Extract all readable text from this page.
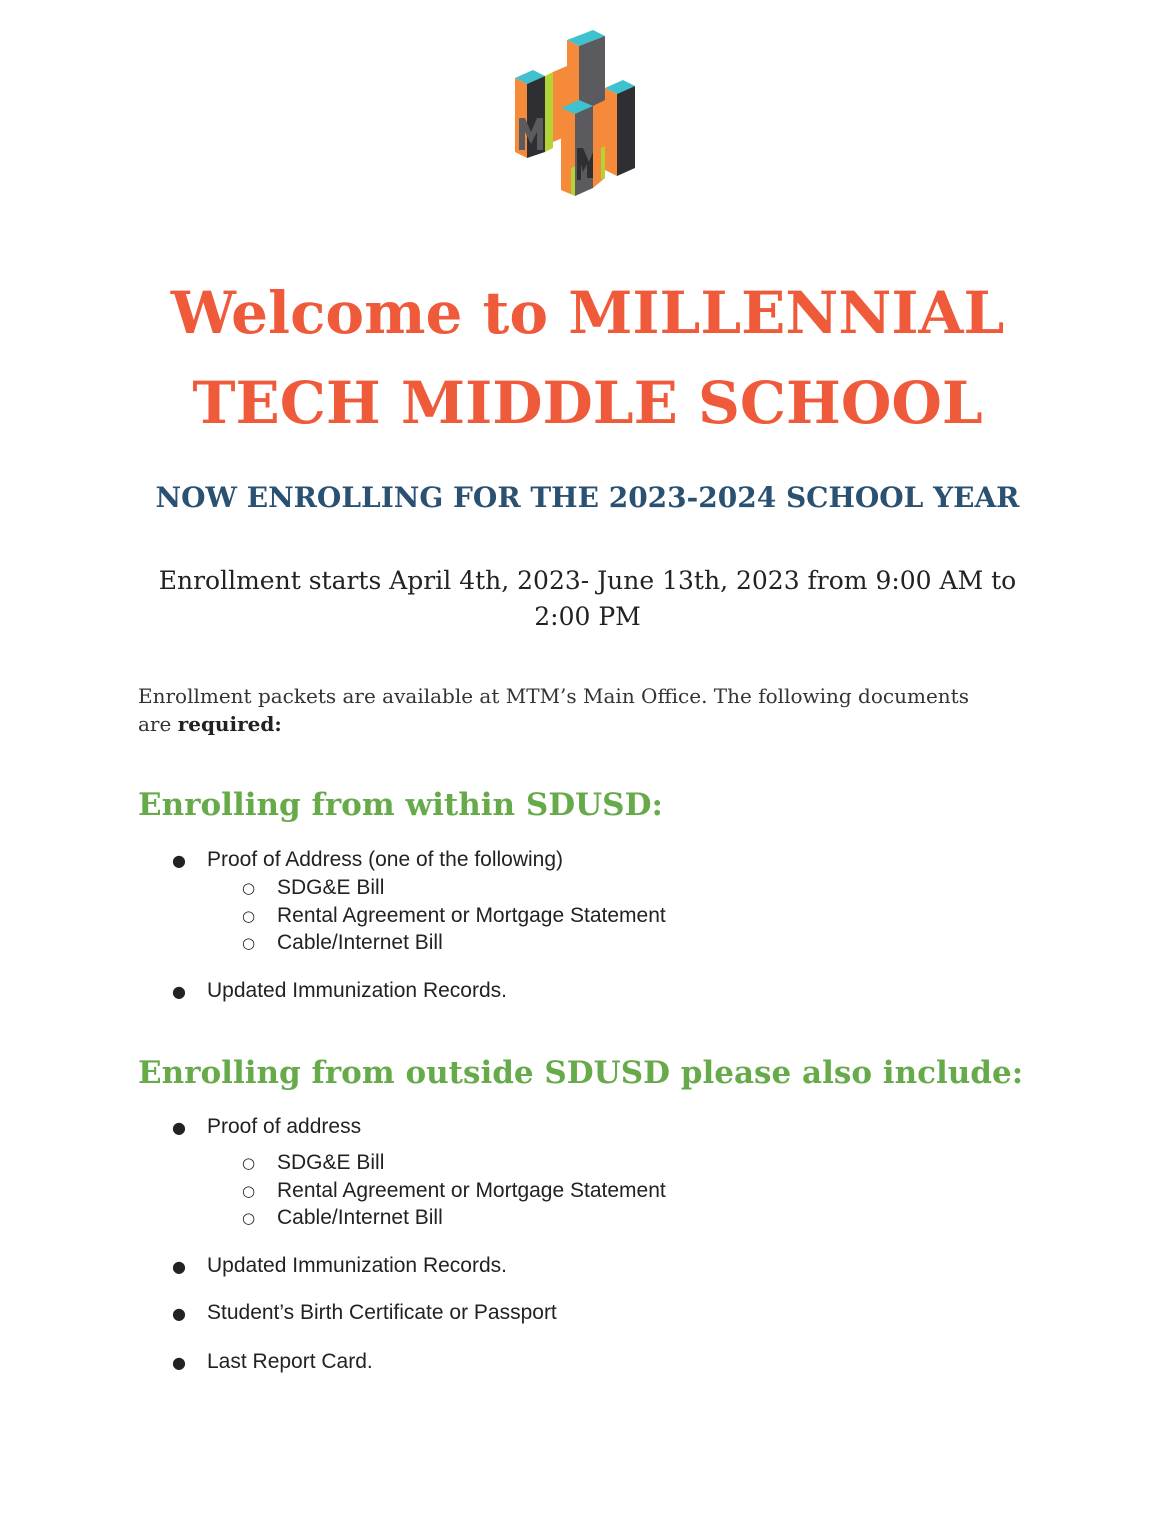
Welcome to MILLENNIAL
TECH MIDDLE SCHOOL
NOW ENROLLING FOR THE 2023-2024 SCHOOL YEAR
Enrollment starts April 4th, 2023- June 13th, 2023 from 9:00 AM to
2:00 PM
Enrollment packets are available at MTM’s Main Office. The following documents
are required:
Enrolling from within SDUSD:
● Proof of Address (one of the following)
○ SDG&E Bill
○ Rental Agreement or Mortgage Statement
○ Cable/Internet Bill
● Updated Immunization Records.
Enrolling from outside SDUSD please also include:
● Proof of address
○ SDG&E Bill
○ Rental Agreement or Mortgage Statement
○ Cable/Internet Bill
● Updated Immunization Records.
● Student’s Birth Certificate or Passport
● Last Report Card.
